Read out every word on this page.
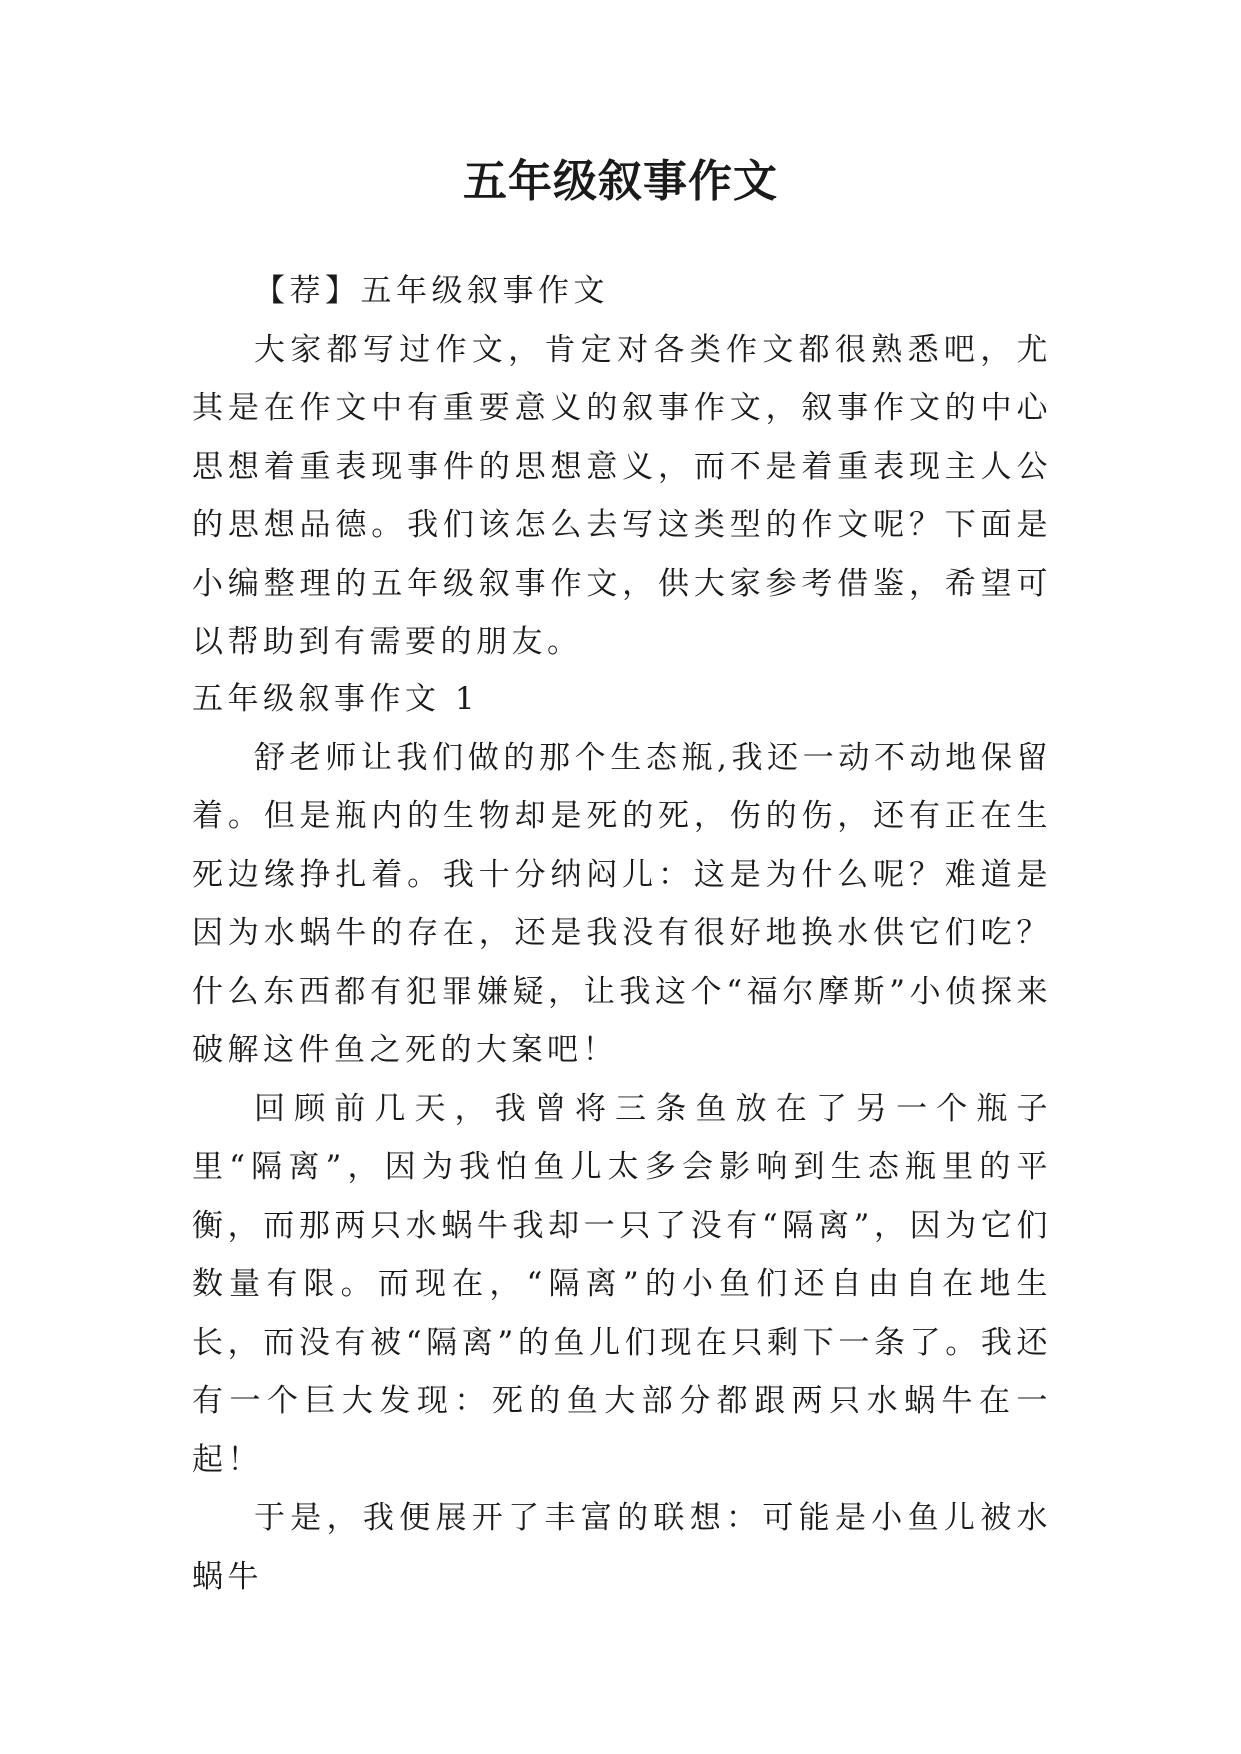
五年级叙事作文

【荐】五年级叙事作文

大家都写过作文，肯定对各类作文都很熟悉吧，尤其是在作文中有重要意义的叙事作文，叙事作文的中心思想着重表现事件的思想意义，而不是着重表现主人公的思想品德。我们该怎么去写这类型的作文呢？下面是小编整理的五年级叙事作文，供大家参考借鉴，希望可以帮助到有需要的朋友。

五年级叙事作文 1

舒老师让我们做的那个生态瓶,我还一动不动地保留着。但是瓶内的生物却是死的死，伤的伤，还有正在生死边缘挣扎着。我十分纳闷儿：这是为什么呢？难道是因为水蜗牛的存在，还是我没有很好地换水供它们吃？什么东西都有犯罪嫌疑，让我这个“福尔摩斯”小侦探来破解这件鱼之死的大案吧！

回顾前几天，我曾将三条鱼放在了另一个瓶子里“隔离”，因为我怕鱼儿太多会影响到生态瓶里的平衡，而那两只水蜗牛我却一只了没有“隔离”，因为它们数量有限。而现在，“隔离”的小鱼们还自由自在地生长，而没有被“隔离”的鱼儿们现在只剩下一条了。我还有一个巨大发现：死的鱼大部分都跟两只水蜗牛在一起！

于是，我便展开了丰富的联想：可能是小鱼儿被水蜗牛
